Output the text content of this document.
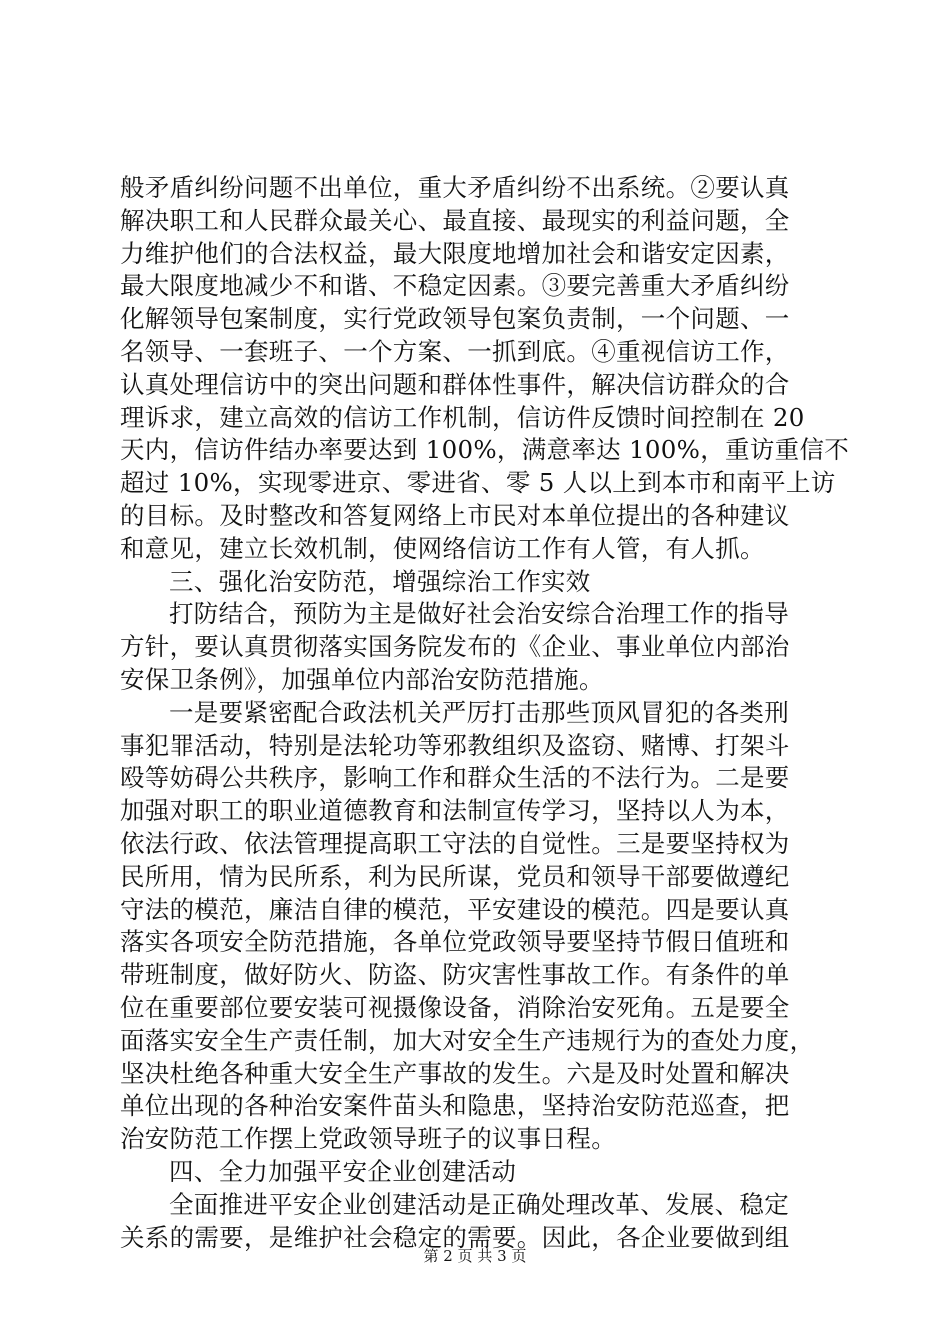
般矛盾纠纷问题不出单位，重大矛盾纠纷不出系统。②要认真
解决职工和人民群众最关心、最直接、最现实的利益问题，全
力维护他们的合法权益，最大限度地增加社会和谐安定因素，
最大限度地减少不和谐、不稳定因素。③要完善重大矛盾纠纷
化解领导包案制度，实行党政领导包案负责制，一个问题、一
名领导、一套班子、一个方案、一抓到底。④重视信访工作，
认真处理信访中的突出问题和群体性事件，解决信访群众的合
理诉求，建立高效的信访工作机制，信访件反馈时间控制在 20
天内，信访件结办率要达到 100%，满意率达 100%，重访重信不
超过 10%，实现零进京、零进省、零 5 人以上到本市和南平上访
的目标。及时整改和答复网络上市民对本单位提出的各种建议
和意见，建立长效机制，使网络信访工作有人管，有人抓。
三、强化治安防范，增强综治工作实效
打防结合，预防为主是做好社会治安综合治理工作的指导
方针，要认真贯彻落实国务院发布的《企业、事业单位内部治
安保卫条例》，加强单位内部治安防范措施。
一是要紧密配合政法机关严厉打击那些顶风冒犯的各类刑
事犯罪活动，特别是法轮功等邪教组织及盗窃、赌博、打架斗
殴等妨碍公共秩序，影响工作和群众生活的不法行为。二是要
加强对职工的职业道德教育和法制宣传学习，坚持以人为本，
依法行政、依法管理提高职工守法的自觉性。三是要坚持权为
民所用，情为民所系，利为民所谋，党员和领导干部要做遵纪
守法的模范，廉洁自律的模范，平安建设的模范。四是要认真
落实各项安全防范措施，各单位党政领导要坚持节假日值班和
带班制度，做好防火、防盗、防灾害性事故工作。有条件的单
位在重要部位要安装可视摄像设备，消除治安死角。五是要全
面落实安全生产责任制，加大对安全生产违规行为的查处力度，
坚决杜绝各种重大安全生产事故的发生。六是及时处置和解决
单位出现的各种治安案件苗头和隐患，坚持治安防范巡查，把
治安防范工作摆上党政领导班子的议事日程。
四、全力加强平安企业创建活动
全面推进平安企业创建活动是正确处理改革、发展、稳定
关系的需要，是维护社会稳定的需要。因此，各企业要做到组
第 2 页 共 3 页
